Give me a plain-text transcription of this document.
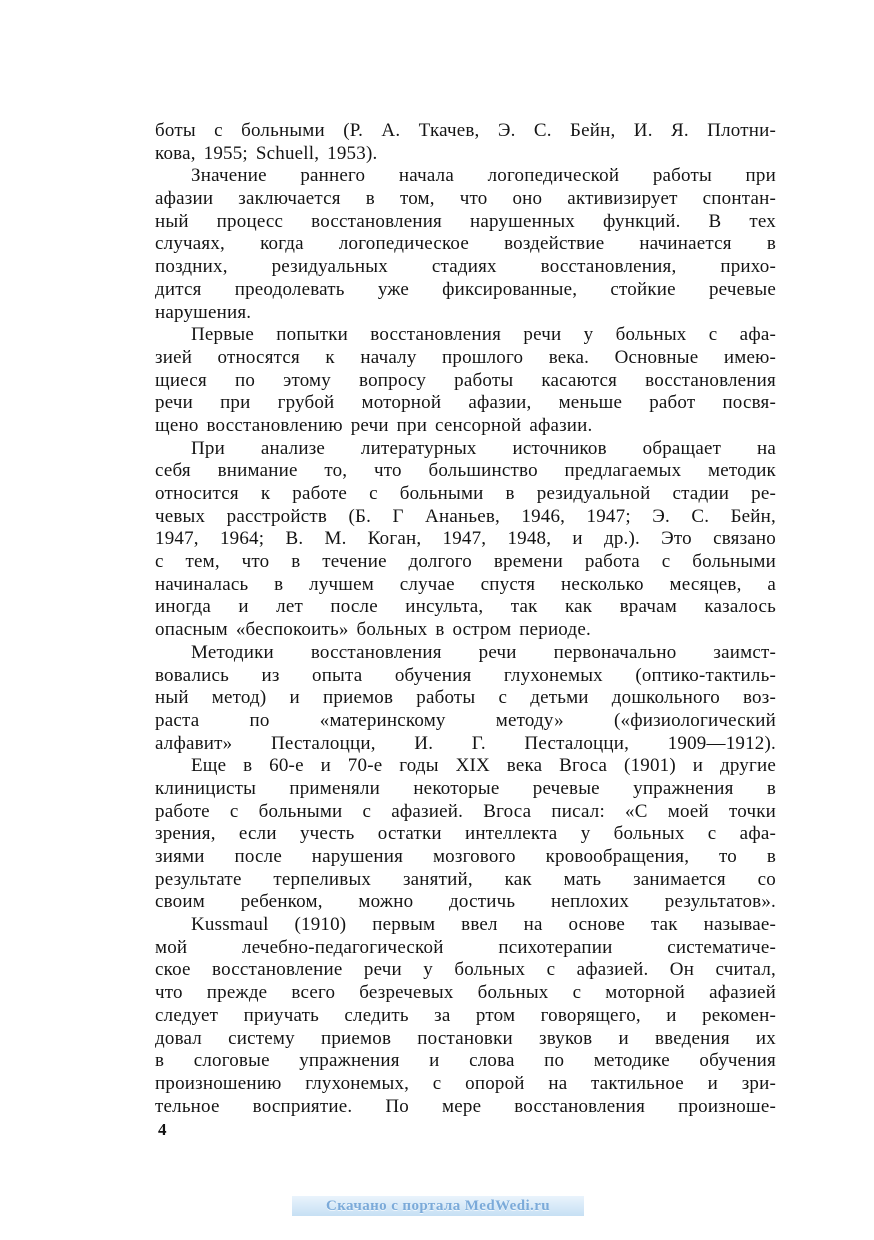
боты с больными (Р. А. Ткачев, Э. С. Бейн, И. Я. Плотни-
кова, 1955; Schuell, 1953).
Значение раннего начала логопедической работы при
афазии заключается в том, что оно активизирует спонтан-
ный процесс восстановления нарушенных функций. В тех
случаях, когда логопедическое воздействие начинается в
поздних, резидуальных стадиях восстановления, прихо-
дится преодолевать уже фиксированные, стойкие речевые
нарушения.
Первые попытки восстановления речи у больных с афа-
зией относятся к началу прошлого века. Основные имею-
щиеся по этому вопросу работы касаются восстановления
речи при грубой моторной афазии, меньше работ посвя-
щено восстановлению речи при сенсорной афазии.
При анализе литературных источников обращает на
себя внимание то, что большинство предлагаемых методик
относится к работе с больными в резидуальной стадии ре-
чевых расстройств (Б. Г Ананьев, 1946, 1947; Э. С. Бейн,
1947, 1964; В. М. Коган, 1947, 1948, и др.). Это связано
с тем, что в течение долгого времени работа с больными
начиналась в лучшем случае спустя несколько месяцев, а
иногда и лет после инсульта, так как врачам казалось
опасным «беспокоить» больных в остром периоде.
Методики восстановления речи первоначально заимст-
вовались из опыта обучения глухонемых (оптико-тактиль-
ный метод) и приемов работы с детьми дошкольного воз-
раста по «материнскому методу» («физиологический
алфавит» Песталоцци, И. Г. Песталоцци, 1909—1912).
Еще в 60-е и 70-е годы XIX века Вгоса (1901) и другие
клиницисты применяли некоторые речевые упражнения в
работе с больными с афазией. Вгоса писал: «С моей точки
зрения, если учесть остатки интеллекта у больных с афа-
зиями после нарушения мозгового кровообращения, то в
результате терпеливых занятий, как мать занимается со
своим ребенком, можно достичь неплохих результатов».
Kussmaul (1910) первым ввел на основе так называе-
мой лечебно-педагогической психотерапии систематиче-
ское восстановление речи у больных с афазией. Он считал,
что прежде всего безречевых больных с моторной афазией
следует приучать следить за ртом говорящего, и рекомен-
довал систему приемов постановки звуков и введения их
в слоговые упражнения и слова по методике обучения
произношению глухонемых, с опорой на тактильное и зри-
тельное восприятие. По мере восстановления произноше-
4
Скачано с портала MedWedi.ru
